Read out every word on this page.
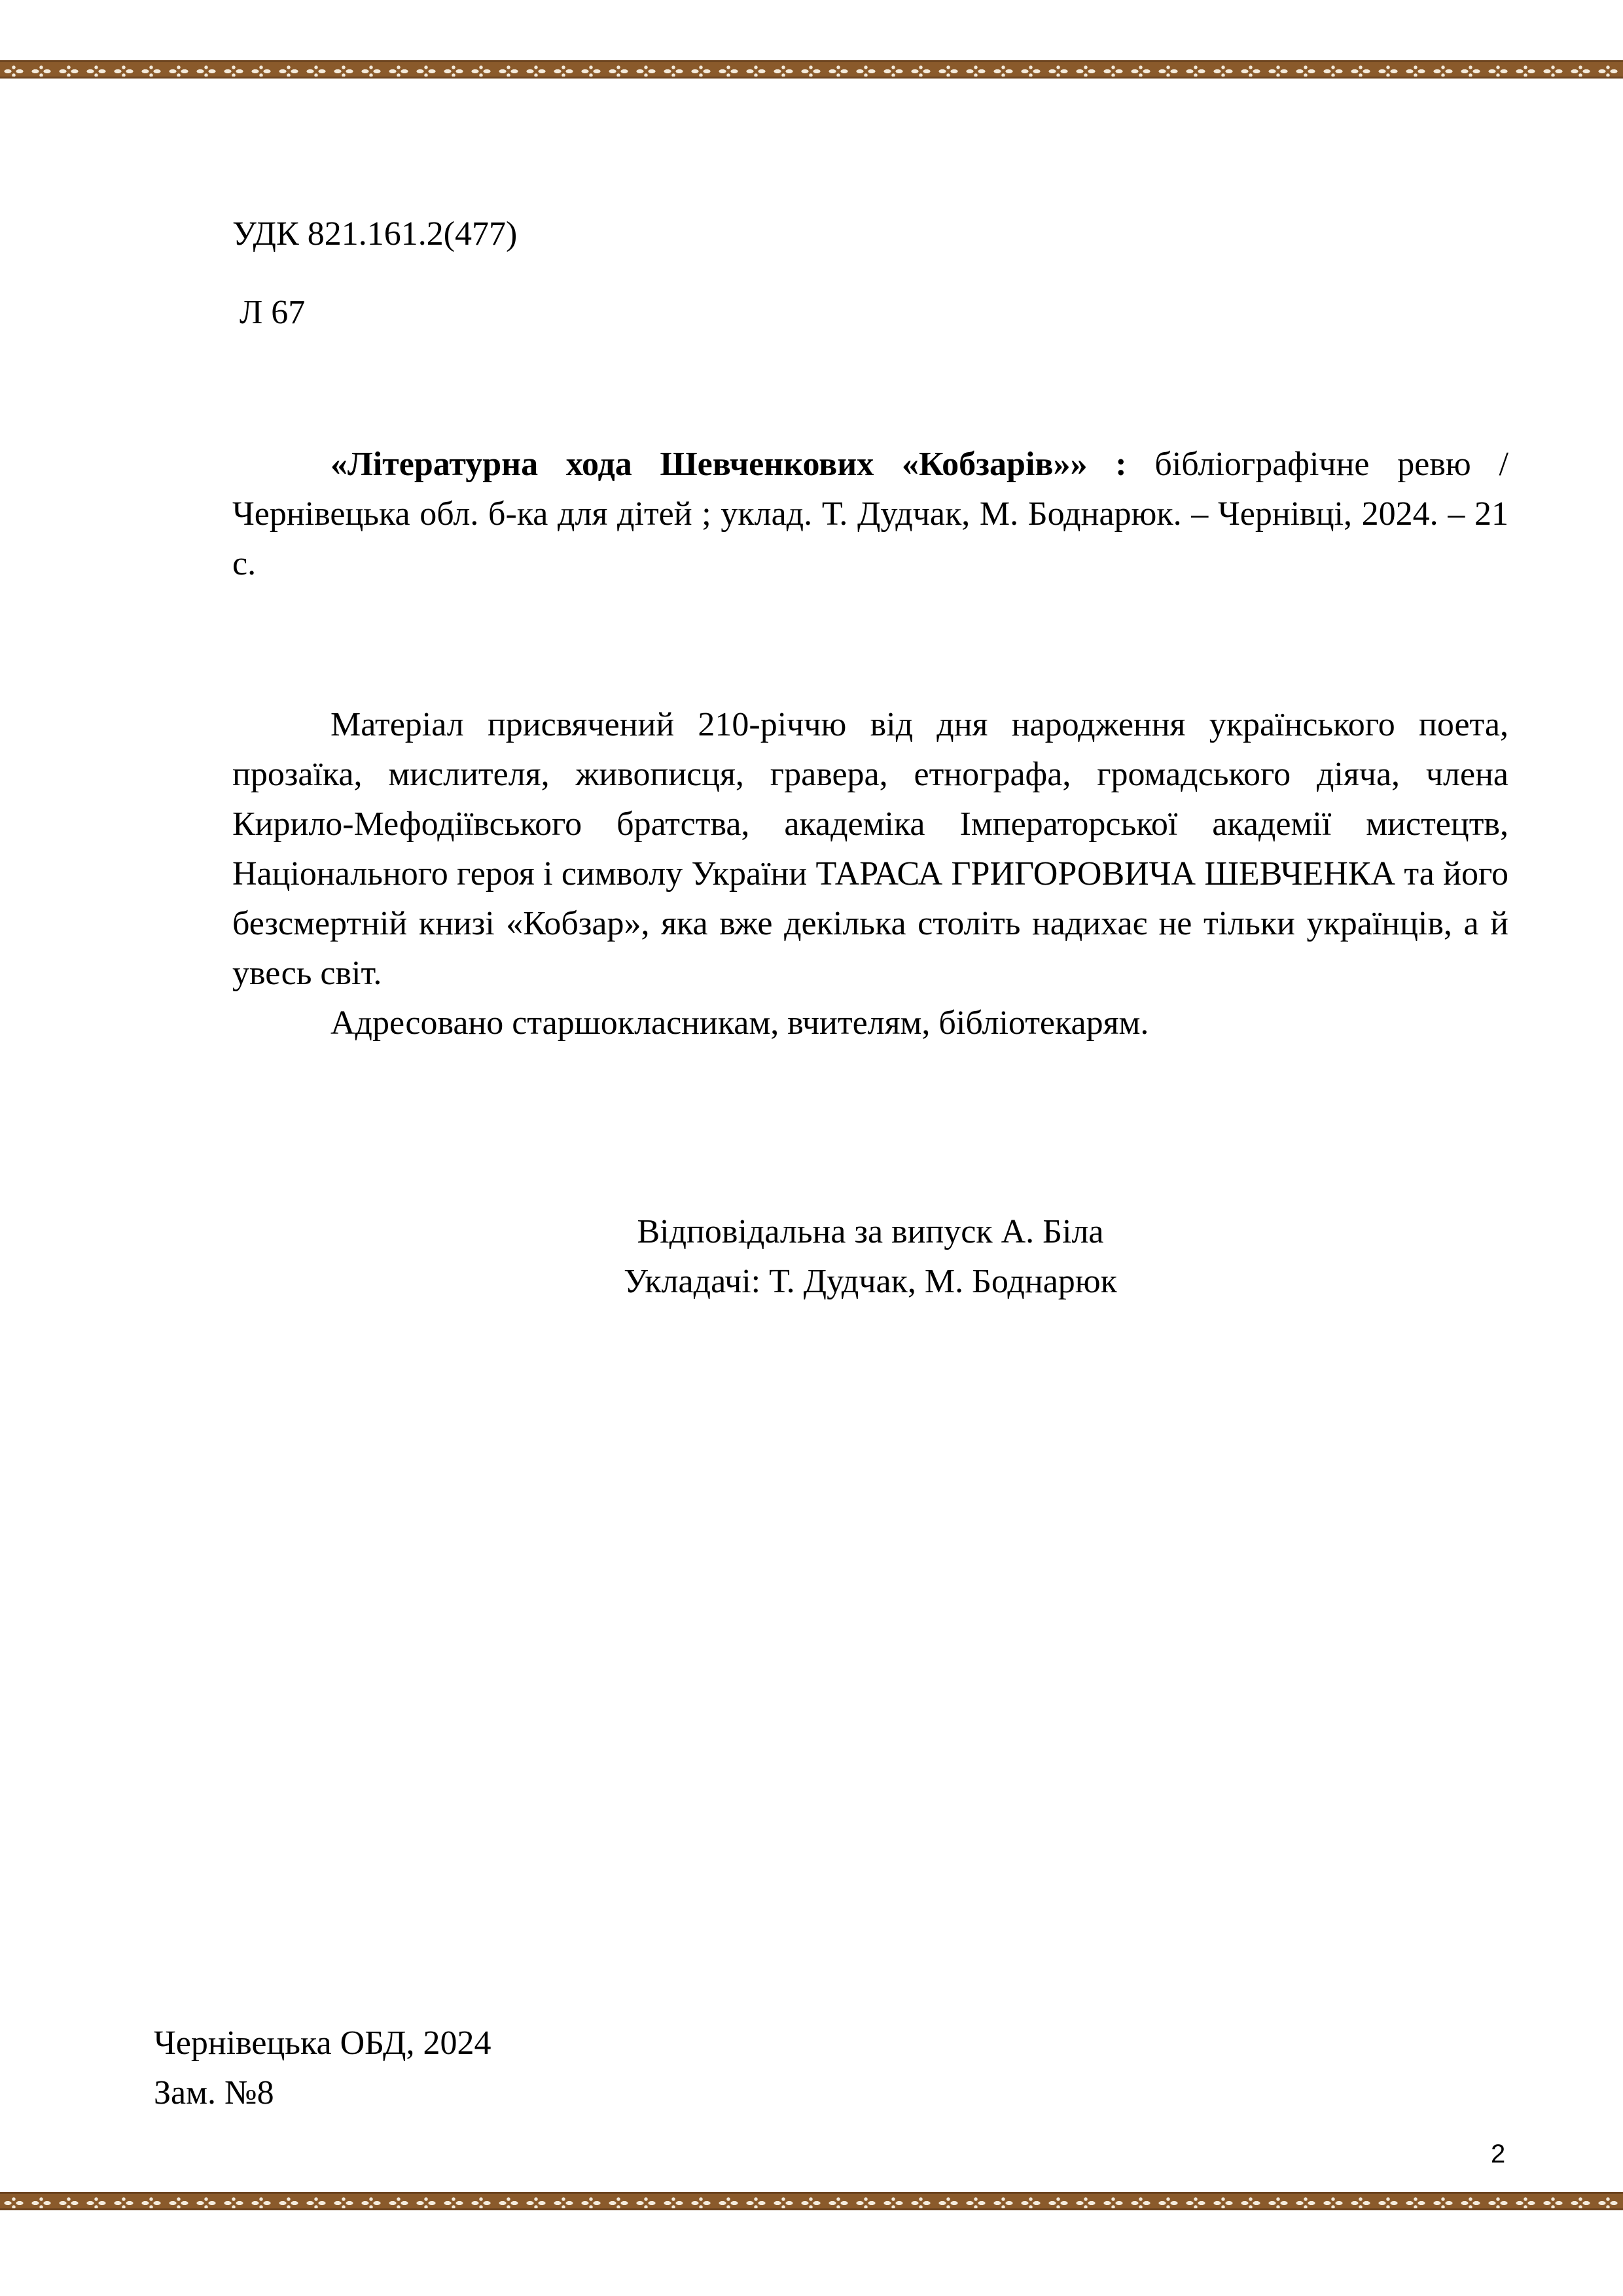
УДК 821.161.2(477)
Л 67

«Літературна хода Шевченкових «Кобзарів»» : бібліографічне ревю / Чернівецька обл. б-ка для дітей ; уклад. Т. Дудчак, М. Боднарюк. – Чернівці, 2024. – 21 с.

Матеріал присвячений 210-річчю від дня народження українського поета, прозаїка, мислителя, живописця, гравера, етнографа, громадського діяча, члена Кирило-Мефодіївського братства, академіка Імператорської академії мистецтв, Національного героя і символу України ТАРАСА ГРИГОРОВИЧА ШЕВЧЕНКА та його безсмертній книзі «Кобзар», яка вже декілька століть надихає не тільки українців, а й увесь світ.

Адресовано старшокласникам, вчителям, бібліотекарям.

Відповідальна за випуск А. Біла
Укладачі: Т. Дудчак, М. Боднарюк
Чернівецька ОБД, 2024
Зам. №8
2
